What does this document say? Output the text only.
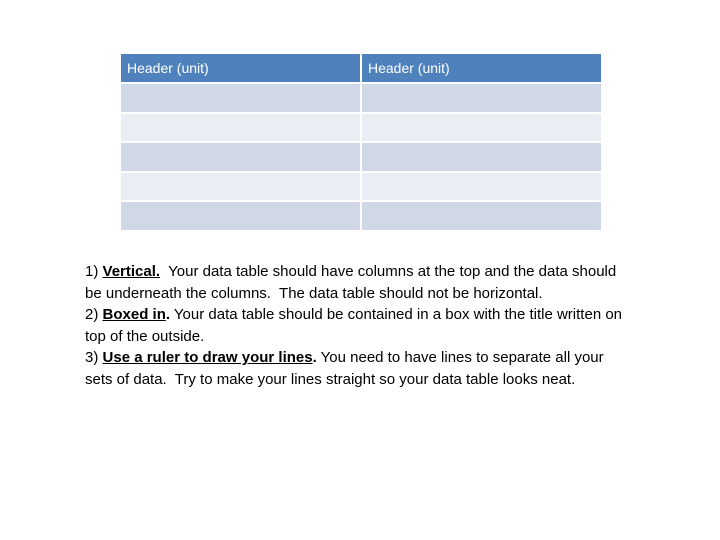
Header (unit)	Header (unit)

1) Vertical.  Your data table should have columns at the top and the data should be underneath the columns.  The data table should not be horizontal.

2) Boxed in. Your data table should be contained in a box with the title written on top of the outside.

3) Use a ruler to draw your lines. You need to have lines to separate all your sets of data.  Try to make your lines straight so your data table looks neat.
